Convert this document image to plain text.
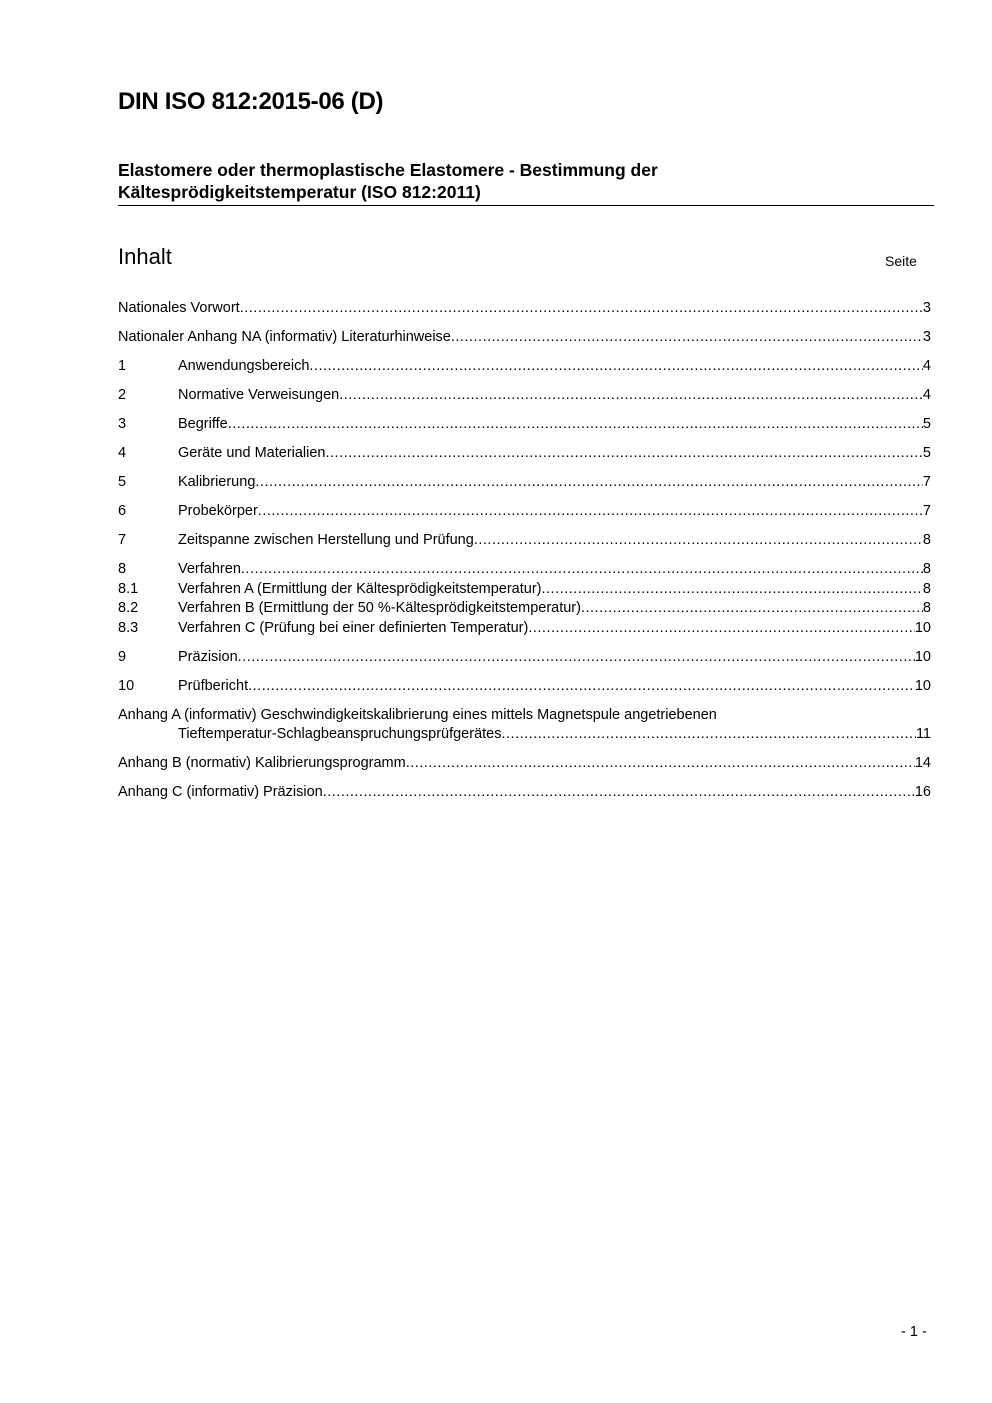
DIN ISO 812:2015-06 (D)
Elastomere oder thermoplastische Elastomere - Bestimmung der
Kältesprödigkeitstemperatur (ISO 812:2011)
Inhalt	Seite
Nationales Vorwort .....	3
Nationaler Anhang NA (informativ) Literaturhinweise .....	3
1	Anwendungsbereich .....	4
2	Normative Verweisungen .....	4
3	Begriffe .....	5
4	Geräte und Materialien .....	5
5	Kalibrierung .....	7
6	Probekörper .....	7
7	Zeitspanne zwischen Herstellung und Prüfung .....	8
8	Verfahren .....	8
8.1	Verfahren A (Ermittlung der Kältesprödigkeitstemperatur) .....	8
8.2	Verfahren B (Ermittlung der 50 %-Kältesprödigkeitstemperatur) .....	8
8.3	Verfahren C (Prüfung bei einer definierten Temperatur) .....	10
9	Präzision .....	10
10	Prüfbericht .....	10
Anhang A (informativ) Geschwindigkeitskalibrierung eines mittels Magnetspule angetriebenen
Tieftemperatur-Schlagbeanspruchungsprüfgerätes .....	11
Anhang B (normativ) Kalibrierungsprogramm .....	14
Anhang C (informativ) Präzision .....	16
- 1 -
